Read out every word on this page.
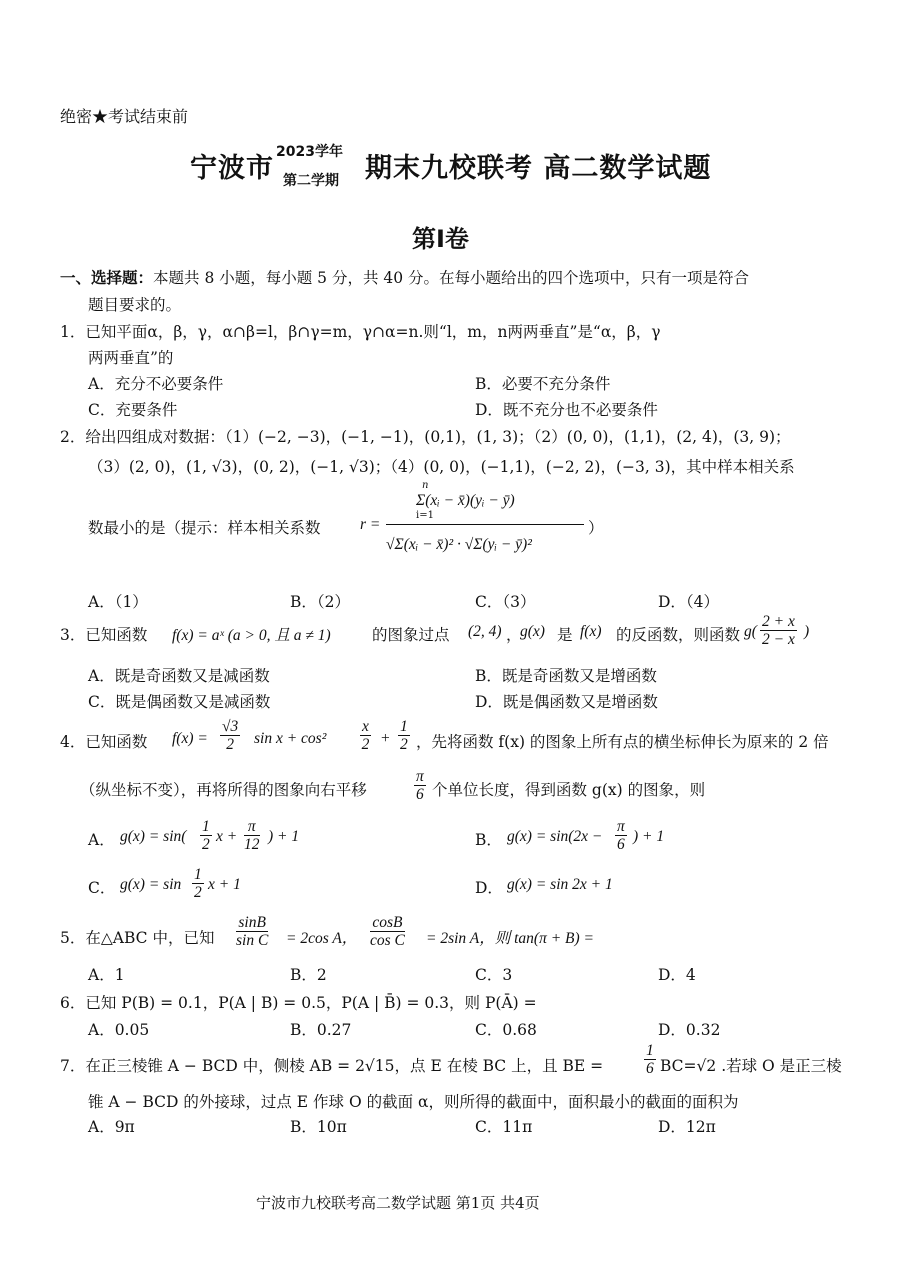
绝密★考试结束前
宁波市
2023学年
第二学期 期末九校联考 高二数学试题
第Ⅰ卷
一、选择题：本题共 8 小题，每小题 5 分，共 40 分。在每小题给出的四个选项中，只有一项是符合
题目要求的。
1．已知平面α，β，γ，α∩β=l，β∩γ=m，γ∩α=n.则“l，m，n两两垂直”是“α，β，γ
两两垂直”的
A．充分不必要条件	B．必要不充分条件
C．充要条件	D．既不充分也不必要条件
2．给出四组成对数据：（1）(−2, −3)，(−1, −1)，(0,1)，(1, 3)；（2）(0, 0)，(1,1)，(2, 4)，(3, 9)；
（3）(2, 0)，(1, √3)，(0, 2)，(−1, √3)；（4）(0, 0)，(−1,1)，(−2, 2)，(−3, 3)，其中样本相关系
数最小的是（提示：样本相关系数	r =
n
Σ(xᵢ − x̄)(yᵢ − ȳ)
i=1
√Σ(xᵢ − x̄)² · √Σ(yᵢ − ȳ)²
）
A．（1）	B．（2）	C．（3）	D．（4）
3．已知函数 f(x) = aˣ (a > 0, 且 a ≠ 1)	的图象过点 (2, 4) ，
g(x) 是 f(x) 的反函数，则函数 $g( \frac{2 + x}{2 - x}$ )
A．既是奇函数又是减函数	B．既是奇函数又是增函数
C．既是偶函数又是减函数	D．既是偶函数又是增函数
4．已知函数 $f(x) = \frac{√3}{2}$ $\sin x + \cos^2 \frac{x}{2} + \frac{1}{2}$ ，先将函数 f(x) 的图象上所有点的横坐标伸长为原来的 2 倍
（纵坐标不变），再将所得的图象向右平移	$\frac{\pi}{6}$ 个单位长度，得到函数 g(x) 的图象，则
A． $g(x) = \sin( \frac{1}{2}$ $x + \frac{\pi}{12}$ ) + 1	B． $g(x) = \sin(2x - \frac{\pi}{6}$ ) + 1
C． $g(x) = \sin \frac{1}{2}$ x + 1	D． g(x) = sin 2x + 1
5．在△ABC 中，已知 $\frac{\sin B}{\text{sin C}} = 2\cos$ A， $\frac{\cos B}{\text{cos C}} = 2\sin$ A，则 tan(π + B) =
A．1	B．2	C．3	D．4
6．已知 P(B) = 0.1，P(A | B) = 0.5，P(A | B̄) = 0.3，则 P(Ā) =
A．0.05	B．0.27	C．0.68	D．0.32
7．在正三棱锥 A − BCD 中，侧棱 AB = 2√15，点 E 在棱 BC 上，且 BE =	$\frac{1}{6} BC=√2$ .若球 O 是正三棱
锥 A − BCD 的外接球，过点 E 作球 O 的截面 α，则所得的截面中，面积最小的截面的面积为
A．9π	B．10π	C．11π	D．12π
宁波市九校联考高二数学试题 第1页 共4页
